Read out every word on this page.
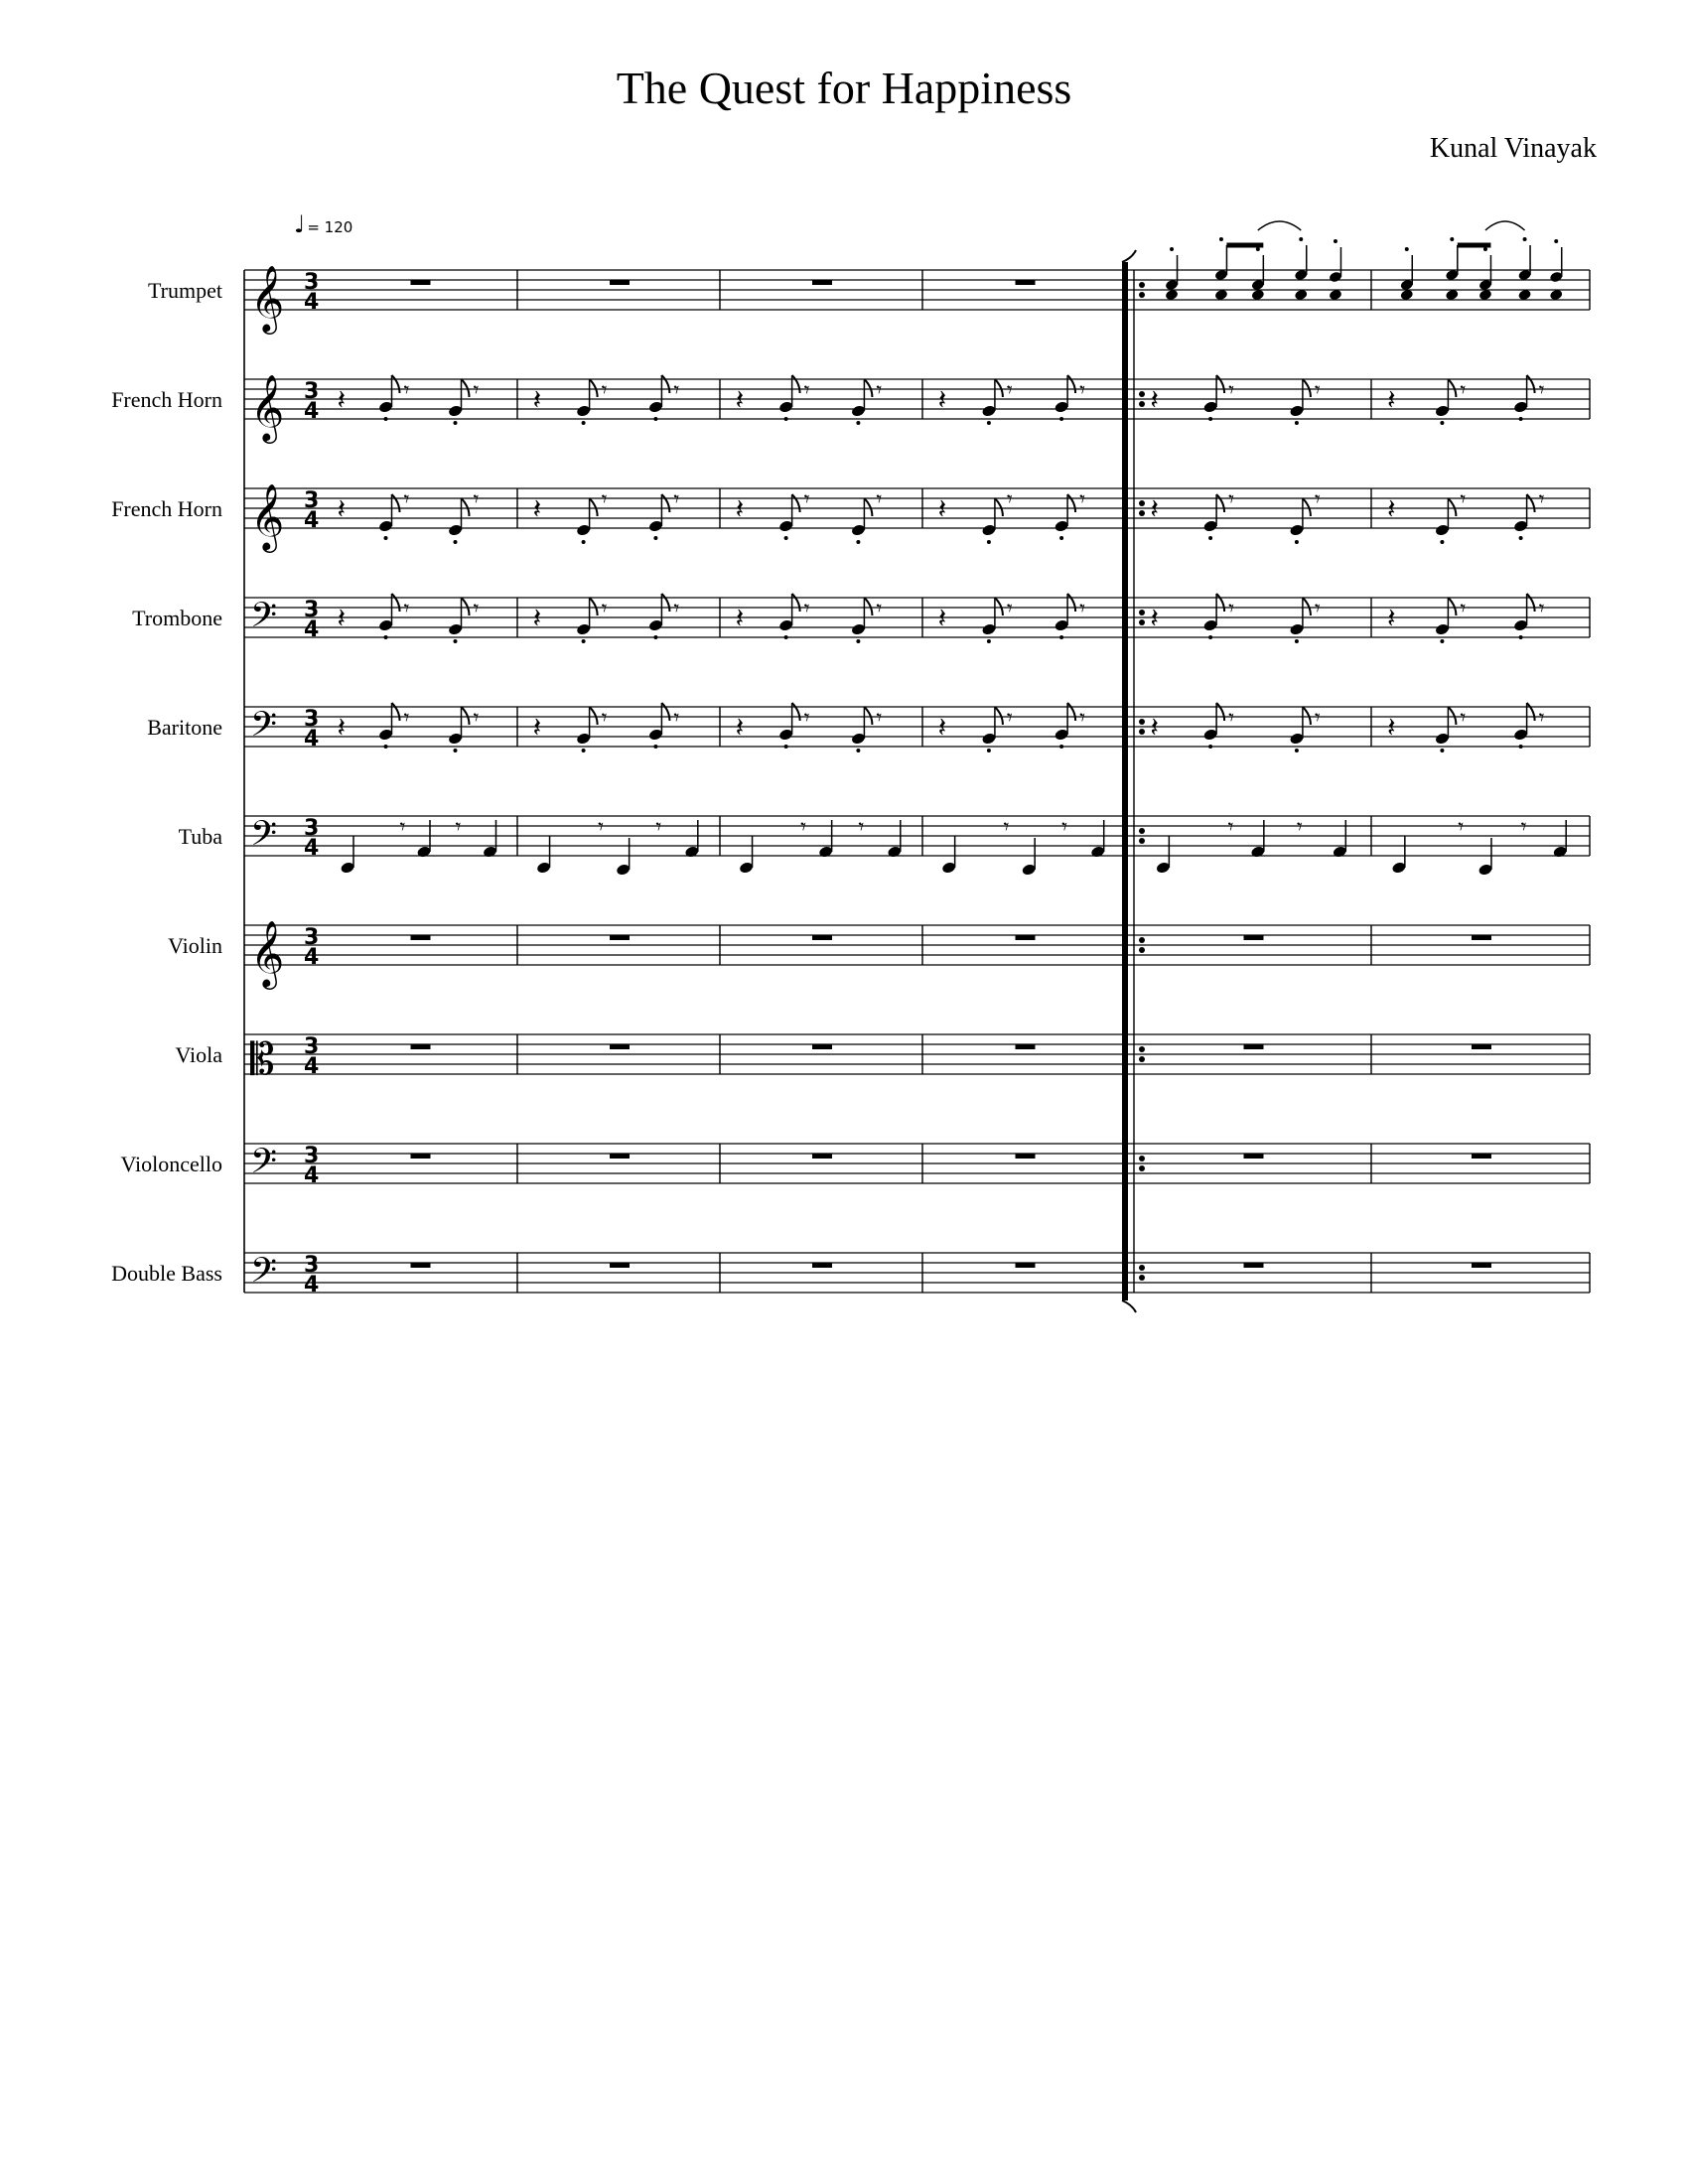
The Quest for Happiness
Kunal Vinayak
♩ = 120
Trumpet
French Horn
French Horn
Trombone
Baritone
Tuba
Violin
Viola
Violoncello
Double Bass
𝄞 3
4
𝄞 3
4 𝄽	𝄾	𝄾 𝄽	𝄾	𝄾 𝄽	𝄾	𝄾 𝄽	𝄾	𝄾 𝄽	𝄾	𝄾 𝄽	𝄾	𝄾
𝄞 3
4 𝄽	𝄾	𝄾 𝄽	𝄾	𝄾 𝄽	𝄾	𝄾 𝄽	𝄾	𝄾 𝄽	𝄾	𝄾 𝄽	𝄾	𝄾
𝄢 3
4 𝄽	𝄾	𝄾 𝄽	𝄾	𝄾 𝄽	𝄾	𝄾 𝄽	𝄾	𝄾 𝄽	𝄾	𝄾 𝄽	𝄾	𝄾
𝄢 3
4 𝄽	𝄾	𝄾 𝄽	𝄾	𝄾 𝄽	𝄾	𝄾 𝄽	𝄾	𝄾 𝄽	𝄾	𝄾 𝄽	𝄾	𝄾
𝄢 3
4
𝄾 𝄾	𝄾 𝄾	𝄾 𝄾	𝄾 𝄾	𝄾	𝄾	𝄾	𝄾
𝄞 3
4
𝄡 3
4
𝄢 3
4
𝄢 3
4
